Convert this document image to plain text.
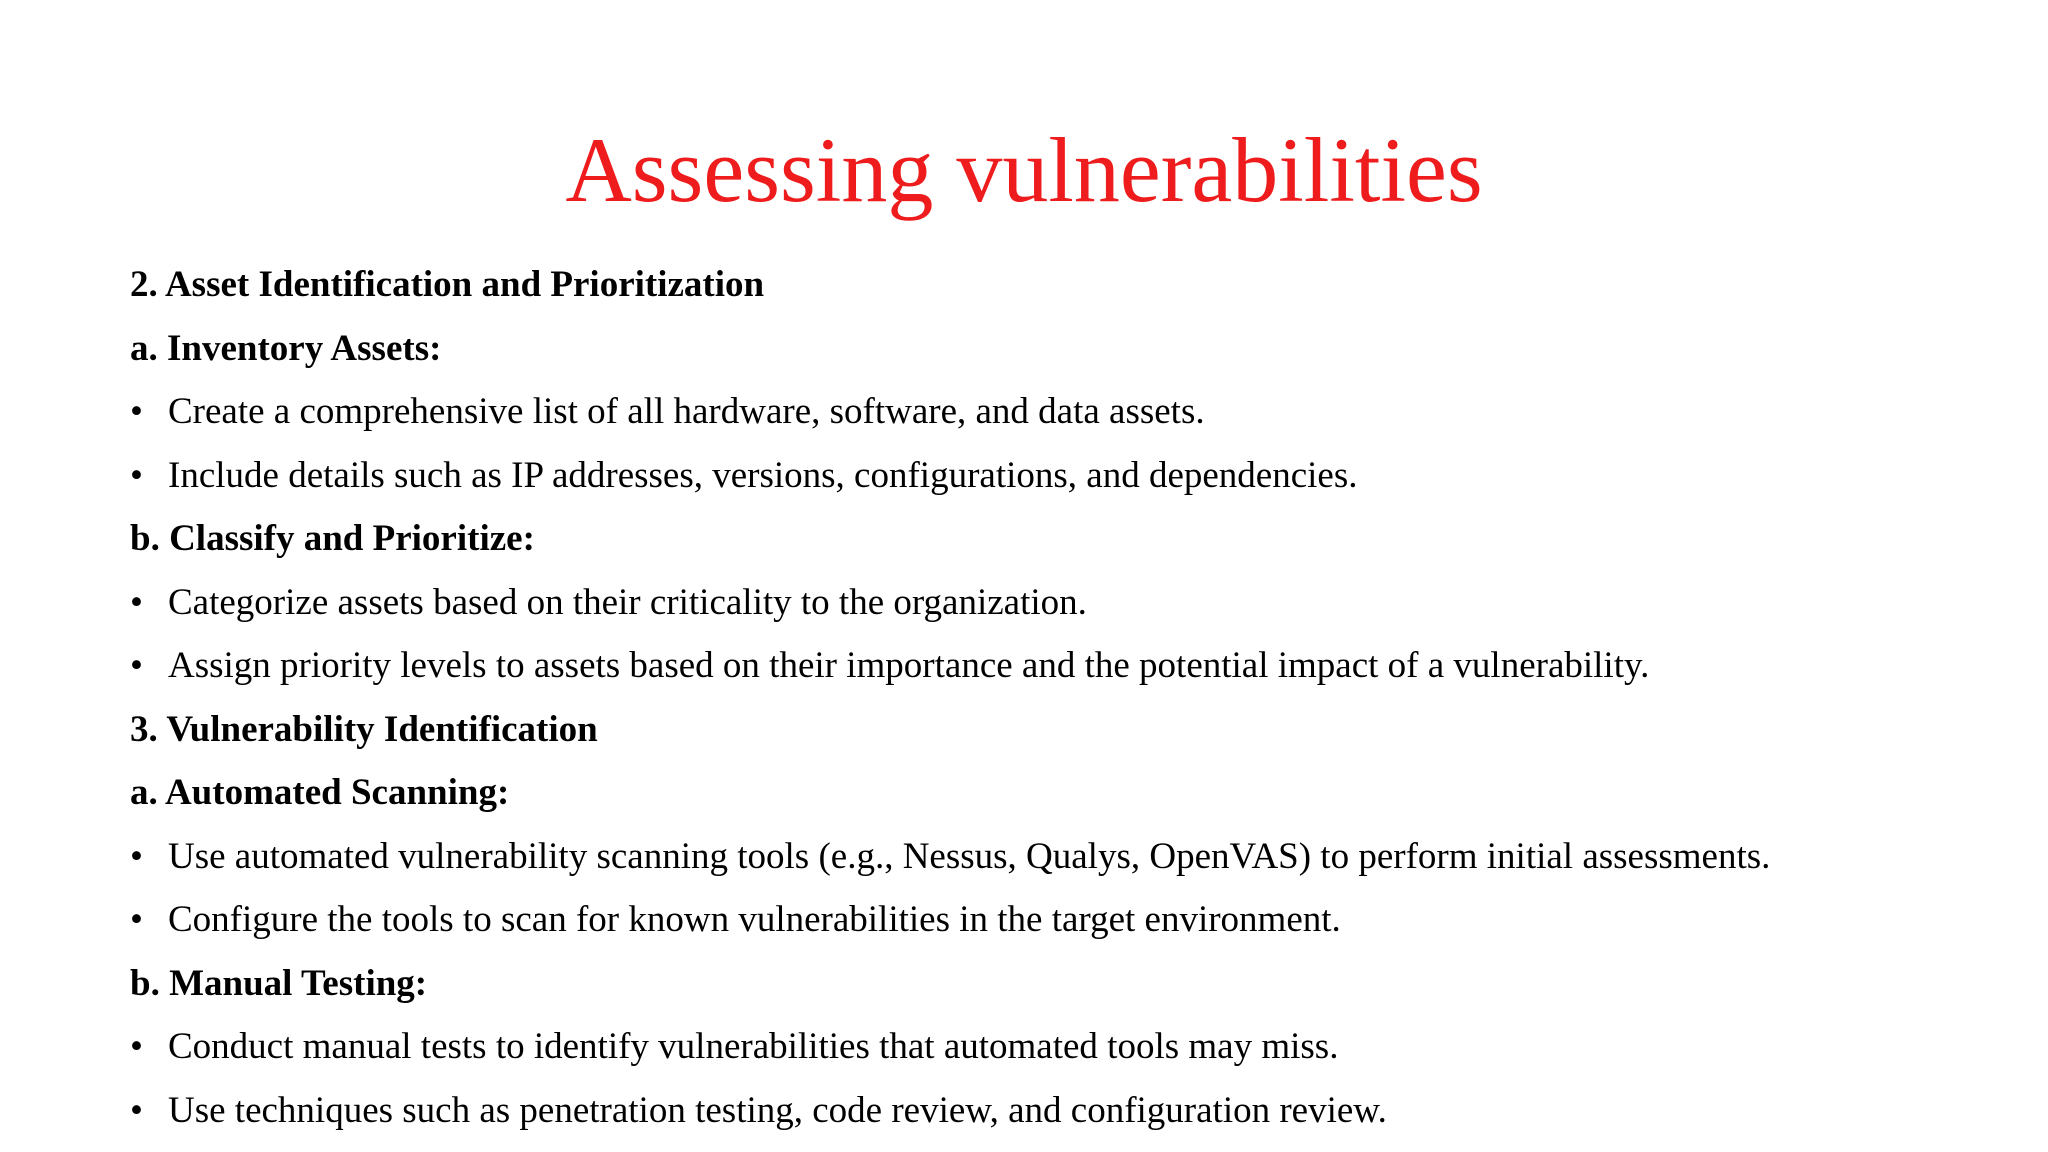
Assessing vulnerabilities
2. Asset Identification and Prioritization
a. Inventory Assets:
• Create a comprehensive list of all hardware, software, and data assets.
• Include details such as IP addresses, versions, configurations, and dependencies.
b. Classify and Prioritize:
• Categorize assets based on their criticality to the organization.
• Assign priority levels to assets based on their importance and the potential impact of a vulnerability.
3. Vulnerability Identification
a. Automated Scanning:
• Use automated vulnerability scanning tools (e.g., Nessus, Qualys, OpenVAS) to perform initial assessments.
• Configure the tools to scan for known vulnerabilities in the target environment.
b. Manual Testing:
• Conduct manual tests to identify vulnerabilities that automated tools may miss.
• Use techniques such as penetration testing, code review, and configuration review.
